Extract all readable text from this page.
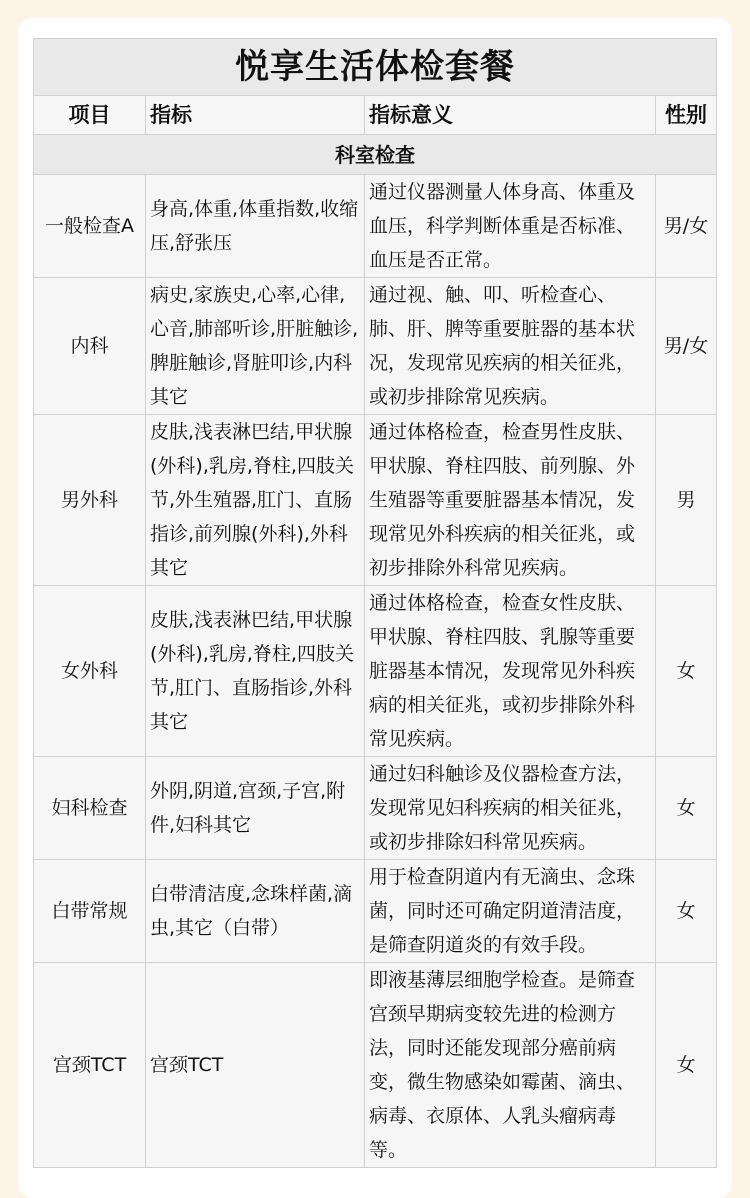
悦享生活体检套餐			
项目	指标	指标意义	性别
科室检查			
一般检查A	身高,体重,体重指数,收缩压,舒张压	通过仪器测量人体身高、体重及血压，科学判断体重是否标准、血压是否正常。	男/女
内科	病史,家族史,心率,心律,心音,肺部听诊,肝脏触诊,脾脏触诊,肾脏叩诊,内科其它	通过视、触、叩、听检查心、肺、肝、脾等重要脏器的基本状况，发现常见疾病的相关征兆，或初步排除常见疾病。	男/女
男外科	皮肤,浅表淋巴结,甲状腺(外科),乳房,脊柱,四肢关节,外生殖器,肛门、直肠指诊,前列腺(外科),外科其它	通过体格检查，检查男性皮肤、甲状腺、脊柱四肢、前列腺、外生殖器等重要脏器基本情况，发现常见外科疾病的相关征兆，或初步排除外科常见疾病。	男
女外科	皮肤,浅表淋巴结,甲状腺(外科),乳房,脊柱,四肢关节,肛门、直肠指诊,外科其它	通过体格检查，检查女性皮肤、甲状腺、脊柱四肢、乳腺等重要脏器基本情况，发现常见外科疾病的相关征兆，或初步排除外科常见疾病。	女
妇科检查	外阴,阴道,宫颈,子宫,附件,妇科其它	通过妇科触诊及仪器检查方法，发现常见妇科疾病的相关征兆，或初步排除妇科常见疾病。	女
白带常规	白带清洁度,念珠样菌,滴虫,其它（白带）	用于检查阴道内有无滴虫、念珠菌，同时还可确定阴道清洁度，是筛查阴道炎的有效手段。	女
宫颈TCT	宫颈TCT	即液基薄层细胞学检查。是筛查宫颈早期病变较先进的检测方法，同时还能发现部分癌前病变，微生物感染如霉菌、滴虫、病毒、衣原体、人乳头瘤病毒等。	女
